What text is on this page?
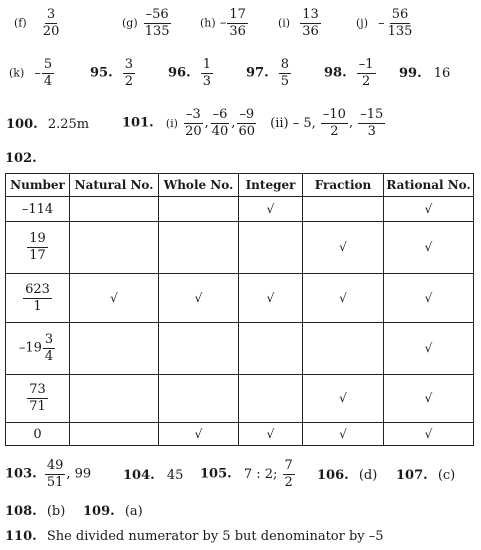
$(f) \frac{3}{20}$	$(g) \frac{-56}{135}$	$(h) - \frac{17}{36}$	$(i) \frac{13}{36}$	$(j) - \frac{56}{135}$
$(k) - \frac{5}{4}$	95. $\frac{3}{2}$	96. $\frac{1}{3}$	97. $\frac{8}{5}$	98. $\frac{-1}{2} 99$. 16
100. 2.25m	101. $(i) \frac{-3}{20}$ , $\frac{-6}{40}$ , $\frac{-9}{60} (ii) - 5$, $\frac{-10}{2}$ , $\frac{-15}{3}$
102.
Number	Natural No.	Whole No.	Integer	Fraction	Rational No.
–114			√		√

$\frac{19}{17}$				√	√

$\frac{623}{1}$	√	√	√	√	√
$-19 \frac{3}{4}$					√

$\frac{73}{71}$				√	√
0		√	√	√	√
103. $\frac{49}{51}$ , 99 104. 45 105. 7 : 2; $\frac{7}{2} 106$. (d) 107. (c)
108. (b) 109. (a)
110. She divided numerator by 5 but denominator by –5
